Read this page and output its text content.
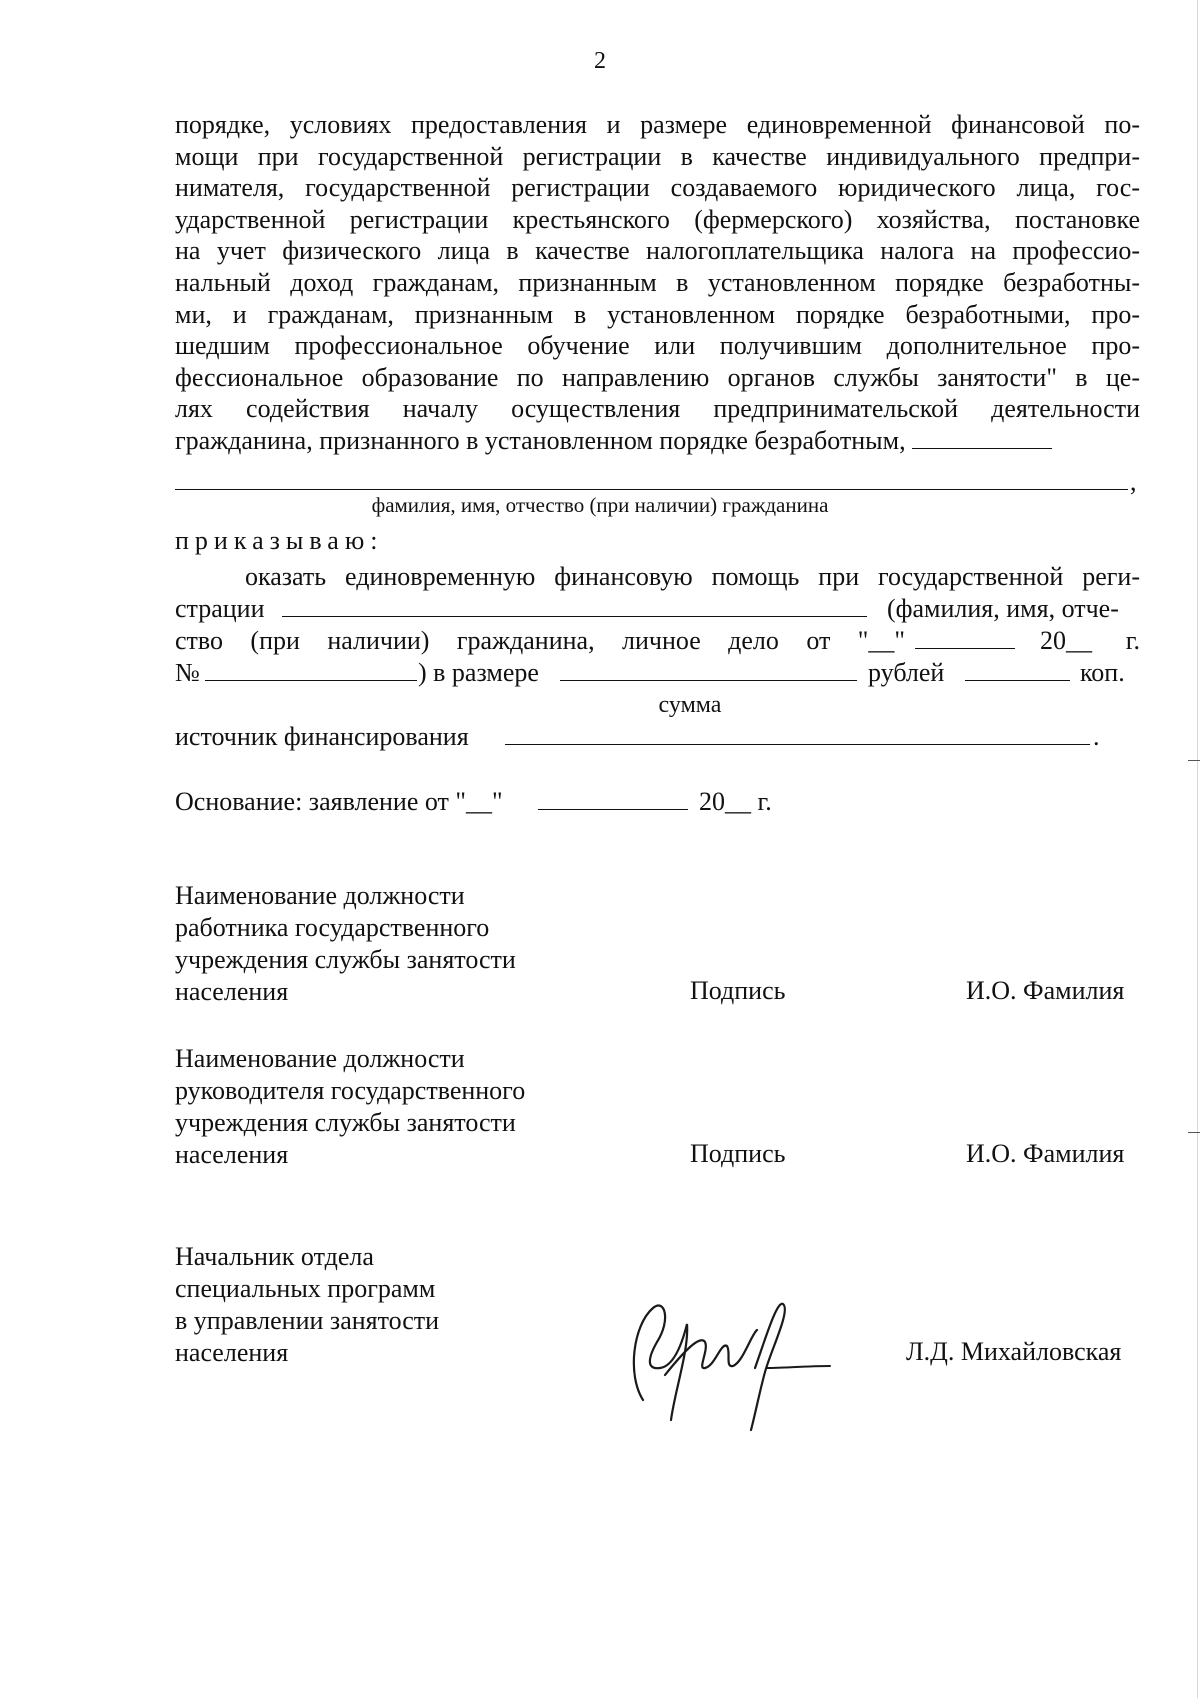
2
порядке, условиях предоставления и размере единовременной финансовой по-
мощи при государственной регистрации в качестве индивидуального предпри-
нимателя, государственной регистрации создаваемого юридического лица, гос-
ударственной регистрации крестьянского (фермерского) хозяйства, постановке
на учет физического лица в качестве налогоплательщика налога на профессио-
нальный доход гражданам, признанным в установленном порядке безработны-
ми, и гражданам, признанным в установленном порядке безработными, про-
шедшим профессиональное обучение или получившим дополнительное про-
фессиональное образование по направлению органов службы занятости" в це-
лях содействия началу осуществления предпринимательской деятельности
гражданина, признанного в установленном порядке безработным,
,
фамилия, имя, отчество (при наличии) гражданина
приказываю:
оказать единовременную финансовую помощь при государственной реги-
страции	(фамилия, имя, отче-
ство (при наличии) гражданина, личное дело от "__"	20__ г.
№	) в размере	рублей	коп.
сумма
источник финансирования	.
Основание: заявление от "__"	20__ г.
Наименование должности
работника государственного
учреждения службы занятости
населения	Подпись	И.О. Фамилия
Наименование должности
руководителя государственного
учреждения службы занятости
населения	Подпись	И.О. Фамилия
Начальник отдела
специальных программ
в управлении занятости
населения	Л.Д. Михайловская
